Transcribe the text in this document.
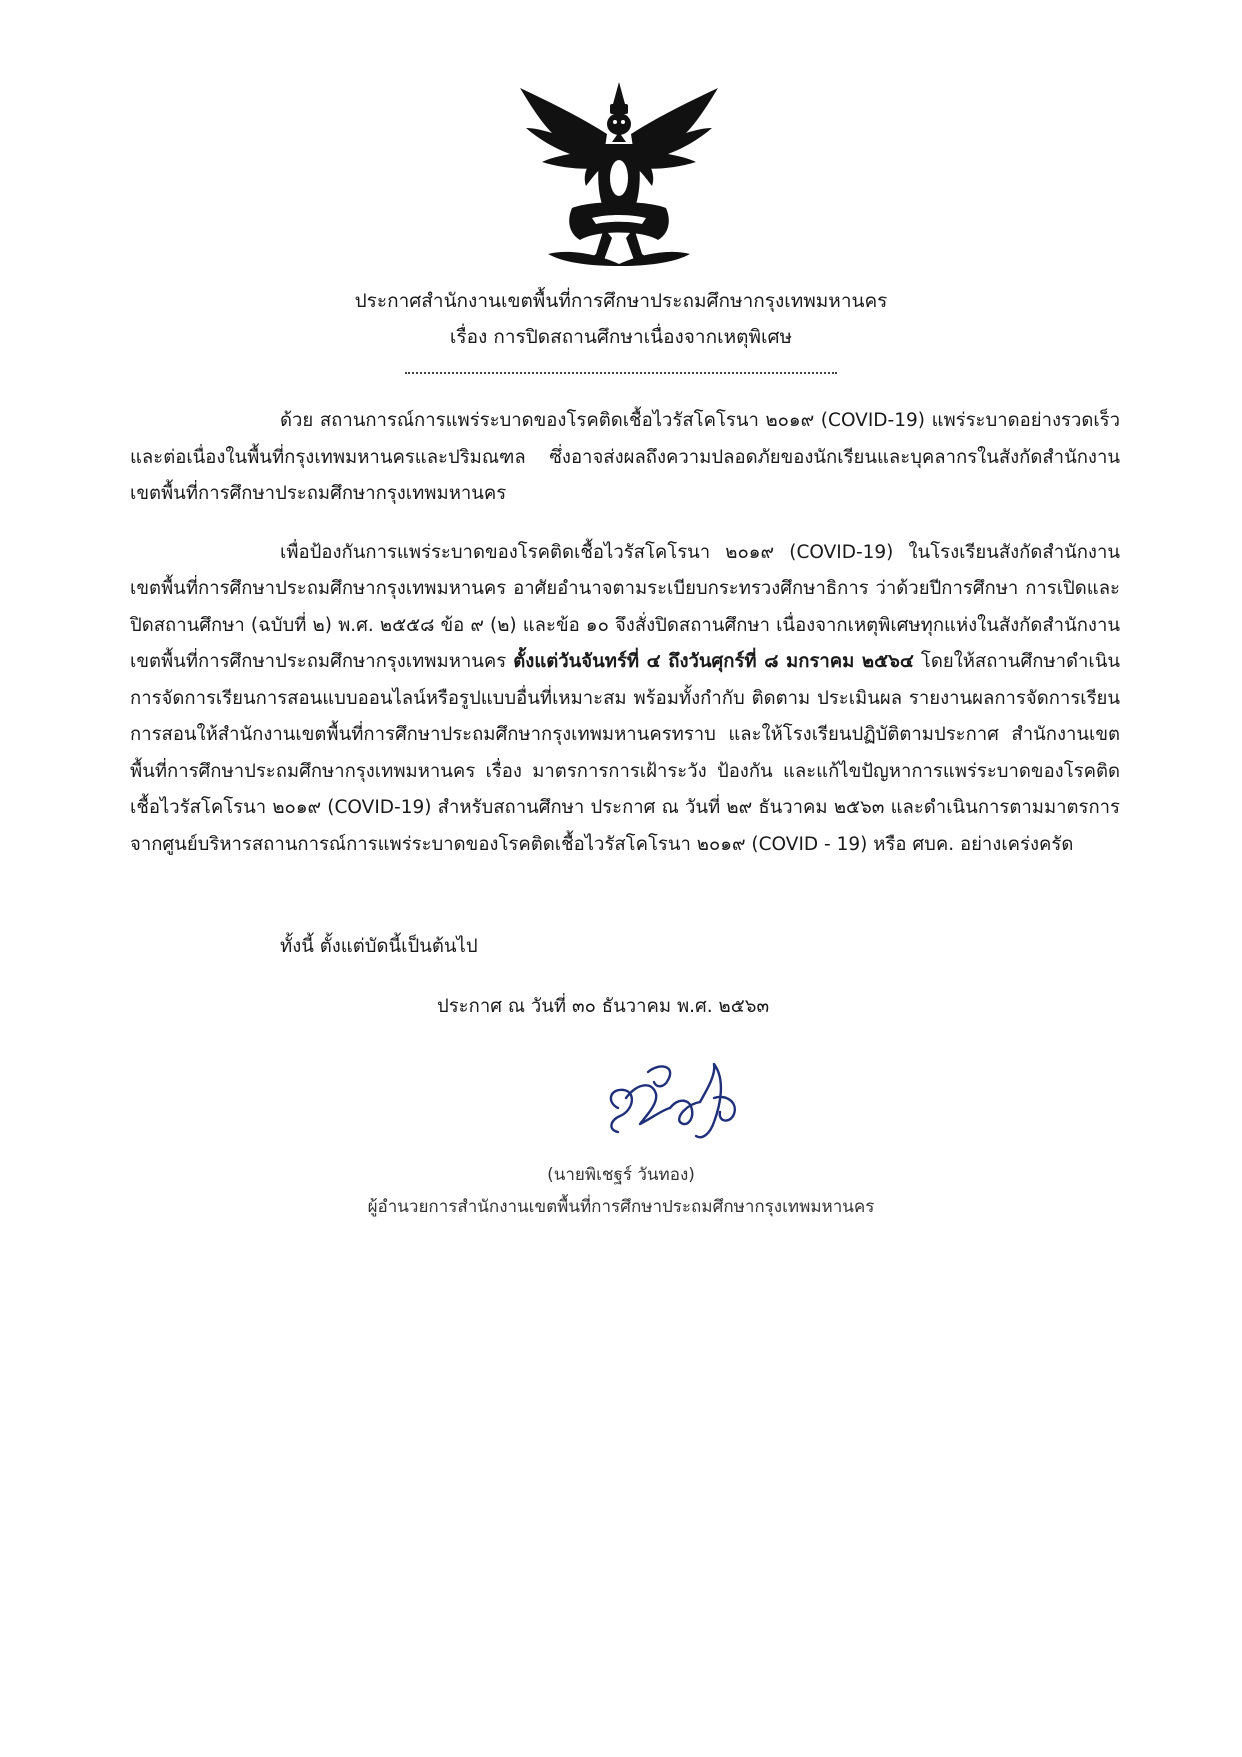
ประกาศสำนักงานเขตพื้นที่การศึกษาประถมศึกษากรุงเทพมหานคร
เรื่อง การปิดสถานศึกษาเนื่องจากเหตุพิเศษ

ด้วย สถานการณ์การแพร่ระบาดของโรคติดเชื้อไวรัสโคโรนา ๒๐๑๙ (COVID-19) แพร่ระบาดอย่างรวดเร็วและต่อเนื่องในพื้นที่กรุงเทพมหานครและปริมณฑล ซึ่งอาจส่งผลถึงความปลอดภัยของนักเรียนและบุคลากรในสังกัดสำนักงานเขตพื้นที่การศึกษาประถมศึกษากรุงเทพมหานคร

เพื่อป้องกันการแพร่ระบาดของโรคติดเชื้อไวรัสโคโรนา ๒๐๑๙ (COVID-19) ในโรงเรียนสังกัดสำนักงานเขตพื้นที่การศึกษาประถมศึกษากรุงเทพมหานคร อาศัยอำนาจตามระเบียบกระทรวงศึกษาธิการ ว่าด้วยปีการศึกษา การเปิดและปิดสถานศึกษา (ฉบับที่ ๒) พ.ศ. ๒๕๕๘ ข้อ ๙ (๒) และข้อ ๑๐ จึงสั่งปิดสถานศึกษา เนื่องจากเหตุพิเศษทุกแห่งในสังกัดสำนักงานเขตพื้นที่การศึกษาประถมศึกษากรุงเทพมหานคร ตั้งแต่วันจันทร์ที่ ๔ ถึงวันศุกร์ที่ ๘ มกราคม ๒๕๖๔ โดยให้สถานศึกษาดำเนินการจัดการเรียนการสอนแบบออนไลน์หรือรูปแบบอื่นที่เหมาะสม พร้อมทั้งกำกับ ติดตาม ประเมินผล รายงานผลการจัดการเรียนการสอนให้สำนักงานเขตพื้นที่การศึกษาประถมศึกษากรุงเทพมหานครทราบ และให้โรงเรียนปฏิบัติตามประกาศ สำนักงานเขตพื้นที่การศึกษาประถมศึกษากรุงเทพมหานคร เรื่อง มาตรการการเฝ้าระวัง ป้องกัน และแก้ไขปัญหาการแพร่ระบาดของโรคติดเชื้อไวรัสโคโรนา ๒๐๑๙ (COVID-19) สำหรับสถานศึกษา ประกาศ ณ วันที่ ๒๙ ธันวาคม ๒๕๖๓ และดำเนินการตามมาตรการจากศูนย์บริหารสถานการณ์การแพร่ระบาดของโรคติดเชื้อไวรัสโคโรนา ๒๐๑๙ (COVID - 19) หรือ ศบค. อย่างเคร่งครัด

ทั้งนี้ ตั้งแต่บัดนี้เป็นต้นไป
ประกาศ ณ วันที่ ๓๐ ธันวาคม พ.ศ. ๒๕๖๓
(นายพิเชฐร์ วันทอง)
ผู้อำนวยการสำนักงานเขตพื้นที่การศึกษาประถมศึกษากรุงเทพมหานคร
